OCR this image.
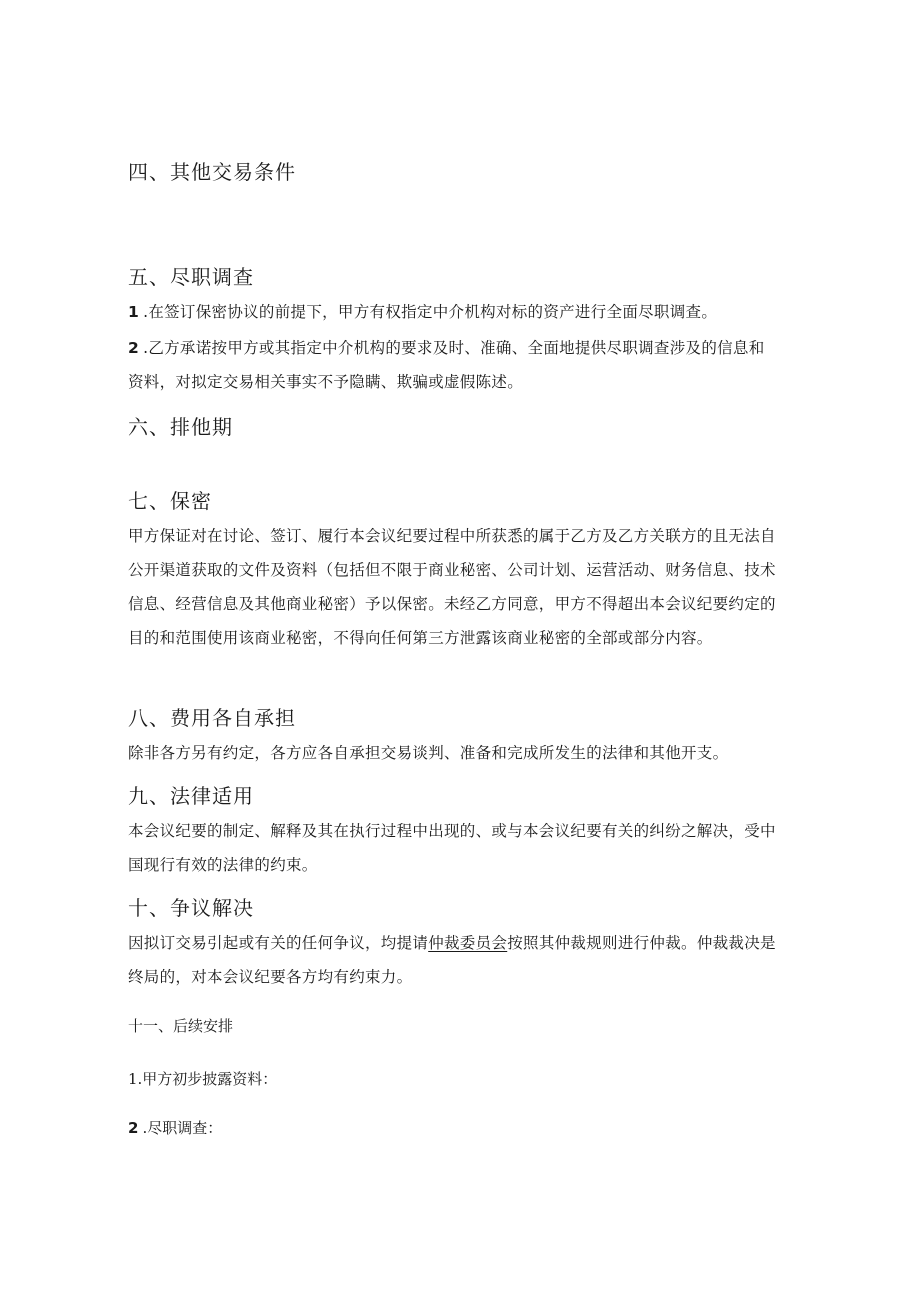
四、其他交易条件
五、尽职调查
1 .在签订保密协议的前提下，甲方有权指定中介机构对标的资产进行全面尽职调查。
2 .乙方承诺按甲方或其指定中介机构的要求及时、准确、全面地提供尽职调查涉及的信息和资料，对拟定交易相关事实不予隐瞒、欺骗或虚假陈述。
六、排他期
七、保密
甲方保证对在讨论、签订、履行本会议纪要过程中所获悉的属于乙方及乙方关联方的且无法自公开渠道获取的文件及资料（包括但不限于商业秘密、公司计划、运营活动、财务信息、技术信息、经营信息及其他商业秘密）予以保密。未经乙方同意，甲方不得超出本会议纪要约定的目的和范围使用该商业秘密，不得向任何第三方泄露该商业秘密的全部或部分内容。
八、费用各自承担
除非各方另有约定，各方应各自承担交易谈判、准备和完成所发生的法律和其他开支。
九、法律适用
本会议纪要的制定、解释及其在执行过程中出现的、或与本会议纪要有关的纠纷之解决，受中国现行有效的法律的约束。
十、争议解决
因拟订交易引起或有关的任何争议，均提请仲裁委员会按照其仲裁规则进行仲裁。仲裁裁决是终局的，对本会议纪要各方均有约束力。
十一、后续安排
1.甲方初步披露资料：
2 .尽职调查：
